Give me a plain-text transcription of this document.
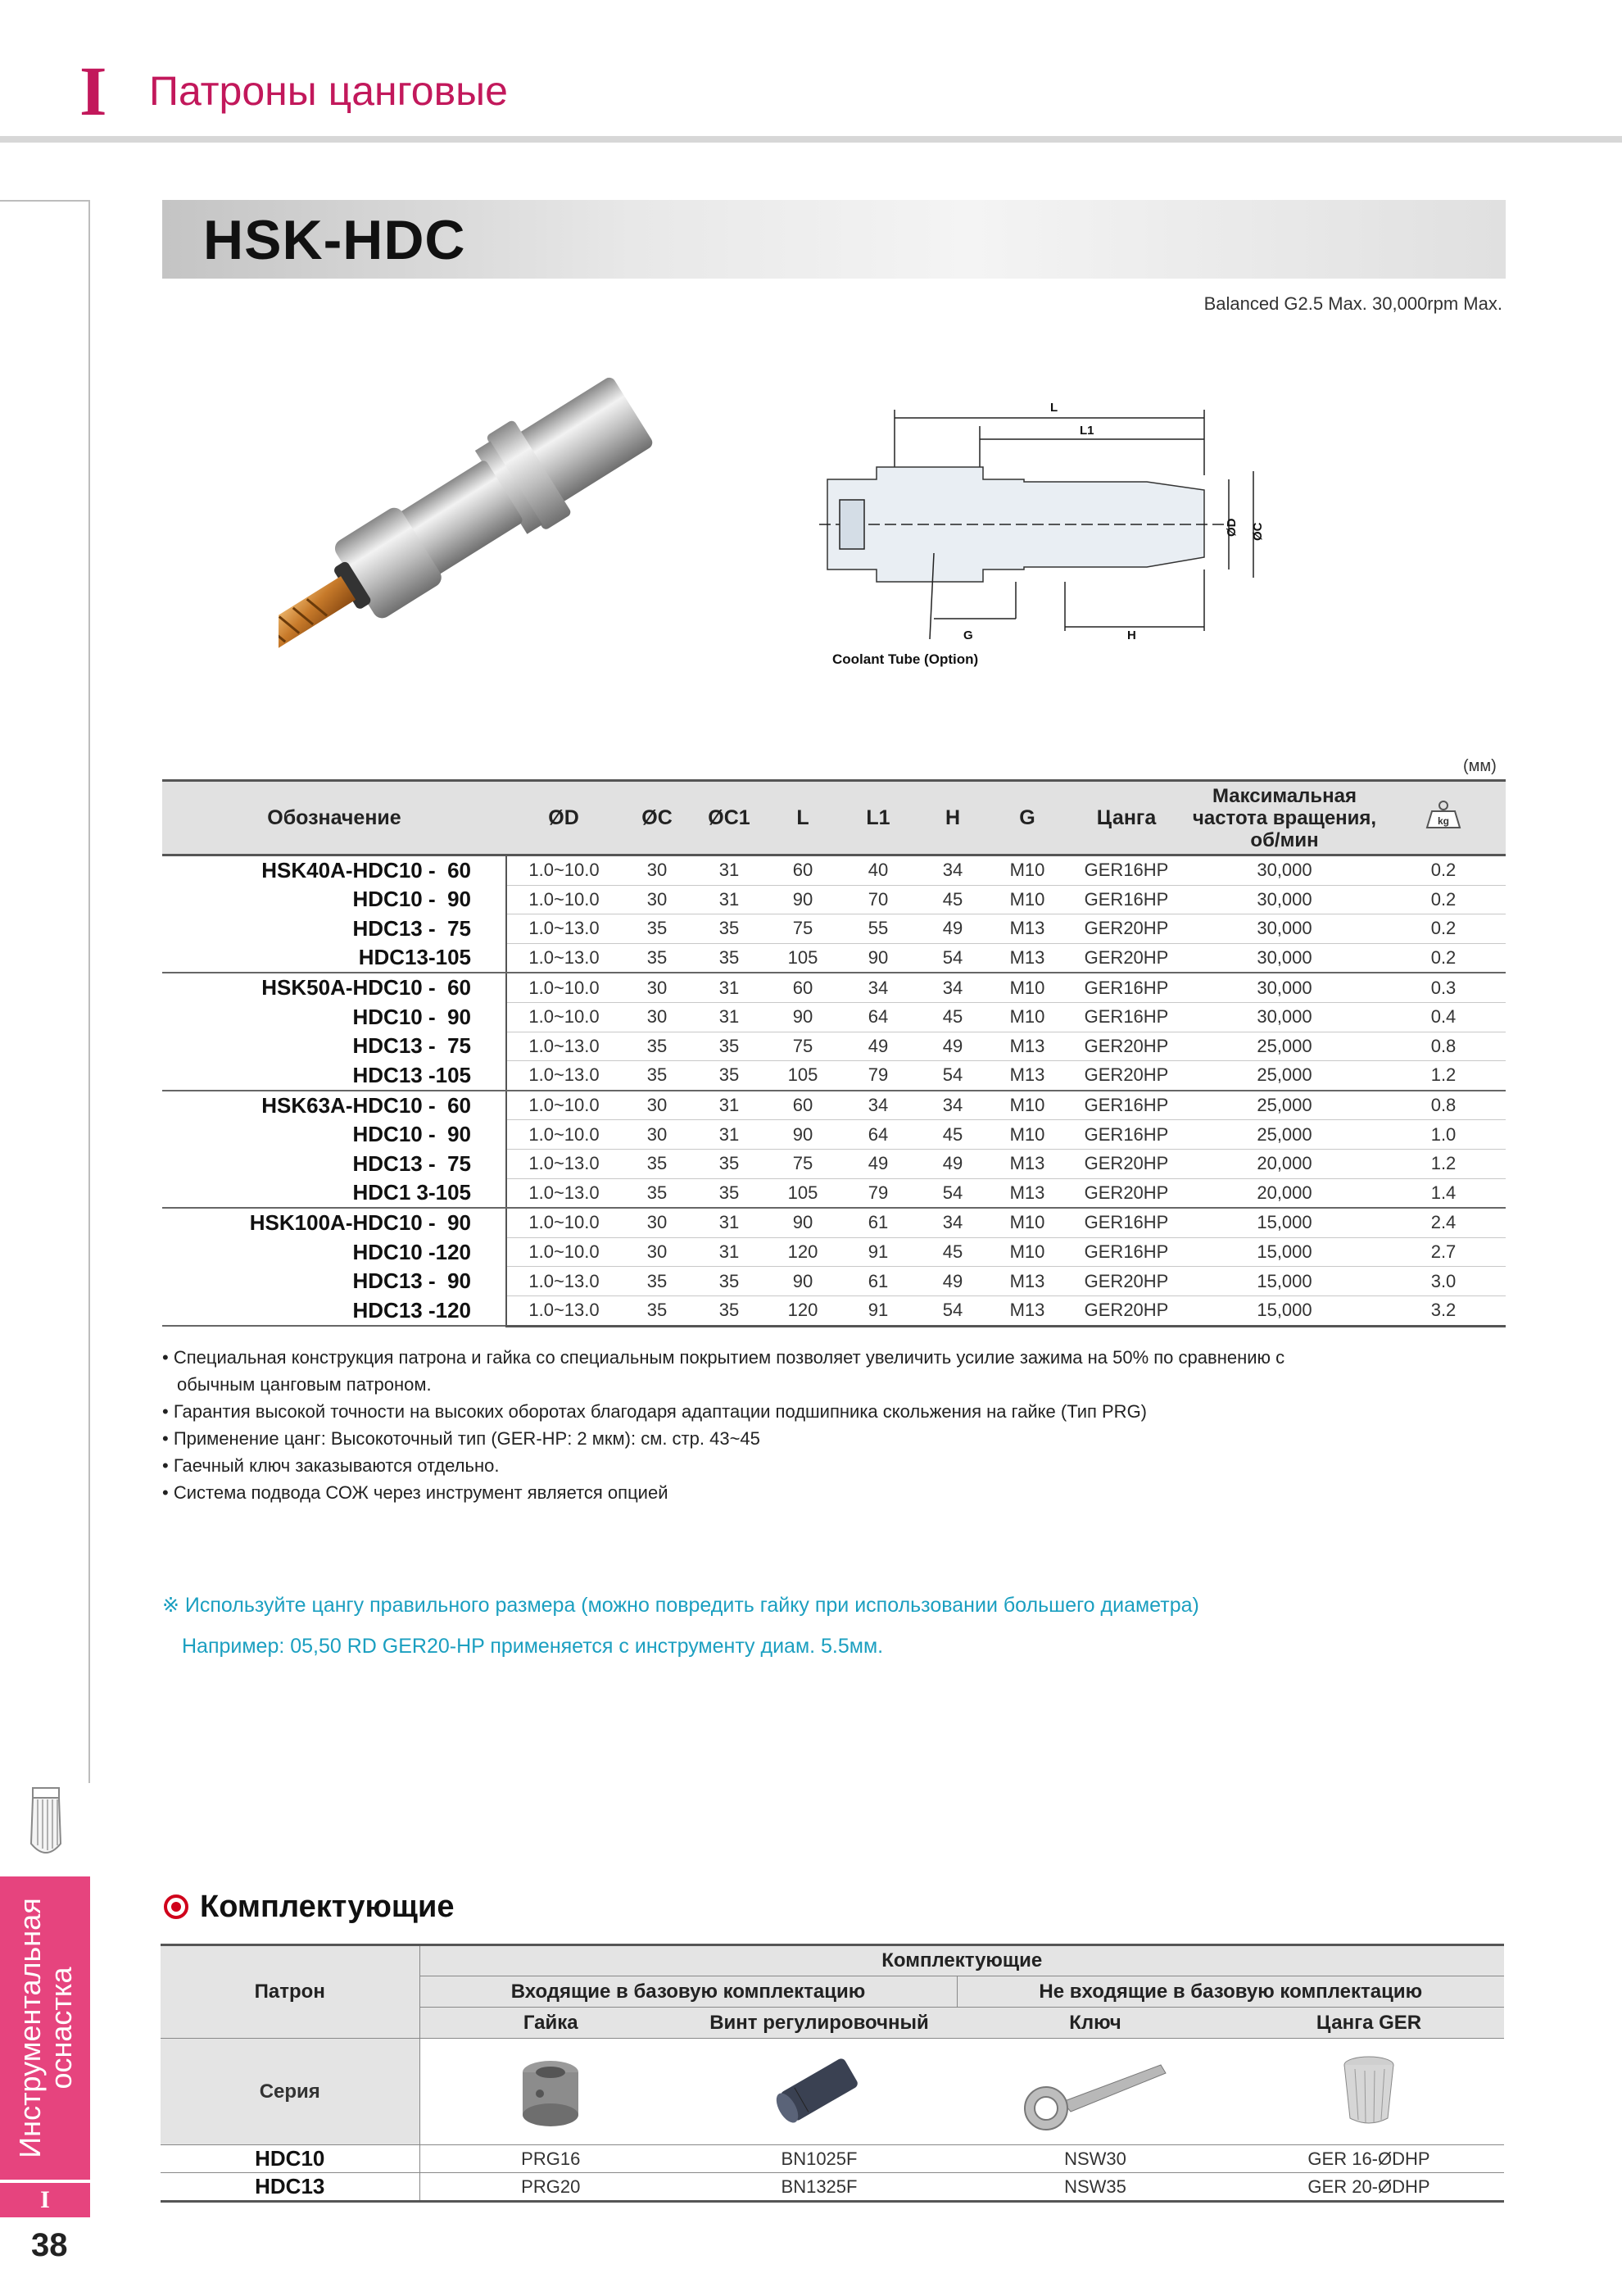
I Патроны цанговые
Инструментальная
оснастка
I
38
HSK-HDC
Balanced G2.5 Max. 30,000rpm Max.
L
L1
G	H
ØD ØC
Coolant Tube (Option)
(мм)
Обозначение	ØD	ØC	ØC1	L	L1	H	G	Цанга	Максимальная частота вращения, об/мин	kg

HSK40A-HDC10 -  60	1.0~10.0	30	31	60	40	34	M10	GER16HP	30,000	0.2
HDC10 -  90	1.0~10.0	30	31	90	70	45	M10	GER16HP	30,000	0.2
HDC13 -  75	1.0~13.0	35	35	75	55	49	M13	GER20HP	30,000	0.2
HDC13-105	1.0~13.0	35	35	105	90	54	M13	GER20HP	30,000	0.2
HSK50A-HDC10 -  60	1.0~10.0	30	31	60	34	34	M10	GER16HP	30,000	0.3
HDC10 -  90	1.0~10.0	30	31	90	64	45	M10	GER16HP	30,000	0.4
HDC13 -  75	1.0~13.0	35	35	75	49	49	M13	GER20HP	25,000	0.8
HDC13 -105	1.0~13.0	35	35	105	79	54	M13	GER20HP	25,000	1.2
HSK63A-HDC10 -  60	1.0~10.0	30	31	60	34	34	M10	GER16HP	25,000	0.8
HDC10 -  90	1.0~10.0	30	31	90	64	45	M10	GER16HP	25,000	1.0
HDC13 -  75	1.0~13.0	35	35	75	49	49	M13	GER20HP	20,000	1.2
HDC1 3-105	1.0~13.0	35	35	105	79	54	M13	GER20HP	20,000	1.4
HSK100A-HDC10 -  90	1.0~10.0	30	31	90	61	34	M10	GER16HP	15,000	2.4
HDC10 -120	1.0~10.0	30	31	120	91	45	M10	GER16HP	15,000	2.7
HDC13 -  90	1.0~13.0	35	35	90	61	49	M13	GER20HP	15,000	3.0
HDC13 -120	1.0~13.0	35	35	120	91	54	M13	GER20HP	15,000	3.2
• Специальная конструкция патрона и гайка со специальным покрытием позволяет увеличить усилие зажима на 50% по сравнению с
обычным цанговым патроном.
• Гарантия высокой точности на высоких оборотах благодаря адаптации подшипника скольжения на гайке (Тип PRG)
• Применение цанг: Высокоточный тип (GER-HP: 2 мкм): см. стр. 43~45
• Гаечный ключ заказываются отдельно.
• Система подвода СОЖ через инструмент является опцией
※ Используйте цангу правильного размера (можно повредить гайку при использовании большего диаметра)
Например: 05,50 RD GER20-HP применяется с инструменту диам. 5.5мм.
Комплектующие
Патрон	Комплектующие			
	Входящие в базовую комплектацию		Не входящие в базовую комплектацию	
	Гайка	Винт регулировочный	Ключ	Цанга GER
Серия				
HDC10	PRG16	BN1025F	NSW30	GER 16-ØDHP
HDC13	PRG20	BN1325F	NSW35	GER 20-ØDHP
